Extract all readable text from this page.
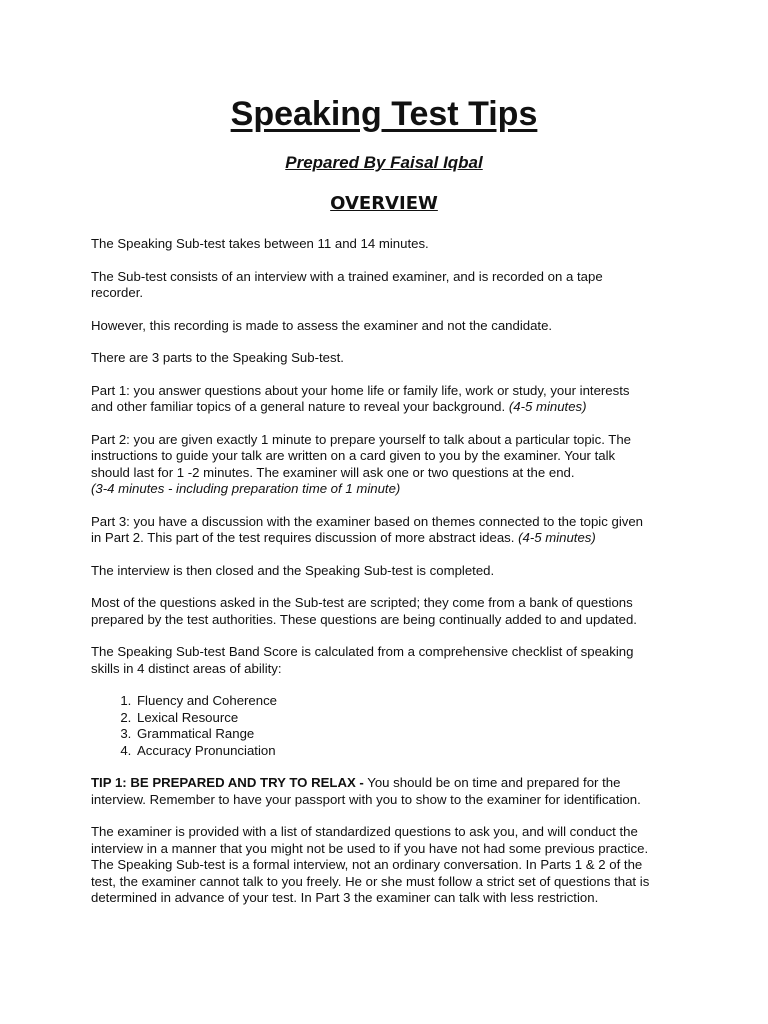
Speaking Test Tips

Prepared By Faisal Iqbal

OVERVIEW

The Speaking Sub-test takes between 11 and 14 minutes.

The Sub-test consists of an interview with a trained examiner, and is recorded on a tape
recorder.

However, this recording is made to assess the examiner and not the candidate.

There are 3 parts to the Speaking Sub-test.

Part 1: you answer questions about your home life or family life, work or study, your interests
and other familiar topics of a general nature to reveal your background. (4-5 minutes)

Part 2: you are given exactly 1 minute to prepare yourself to talk about a particular topic. The
instructions to guide your talk are written on a card given to you by the examiner. Your talk
should last for 1 -2 minutes. The examiner will ask one or two questions at the end.
(3-4 minutes - including preparation time of 1 minute)

Part 3: you have a discussion with the examiner based on themes connected to the topic given
in Part 2. This part of the test requires discussion of more abstract ideas. (4-5 minutes)

The interview is then closed and the Speaking Sub-test is completed.

Most of the questions asked in the Sub-test are scripted; they come from a bank of questions
prepared by the test authorities. These questions are being continually added to and updated.

The Speaking Sub-test Band Score is calculated from a comprehensive checklist of speaking
skills in 4 distinct areas of ability:

1. Fluency and Coherence
2. Lexical Resource
3. Grammatical Range
4. Accuracy Pronunciation

TIP 1: BE PREPARED AND TRY TO RELAX - You should be on time and prepared for the
interview. Remember to have your passport with you to show to the examiner for identification.

The examiner is provided with a list of standardized questions to ask you, and will conduct the
interview in a manner that you might not be used to if you have not had some previous practice.
The Speaking Sub-test is a formal interview, not an ordinary conversation. In Parts 1 & 2 of the
test, the examiner cannot talk to you freely. He or she must follow a strict set of questions that is
determined in advance of your test. In Part 3 the examiner can talk with less restriction.
